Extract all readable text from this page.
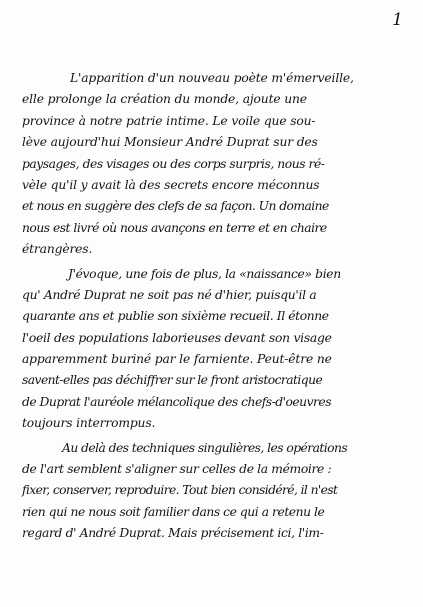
1
L'apparition d'un nouveau poète m'émerveille,
elle prolonge la création du monde, ajoute une
province à notre patrie intime. Le voile que sou-
lève aujourd'hui Monsieur André Duprat sur des
paysages, des visages ou des corps surpris, nous ré-
vèle qu'il y avait là des secrets encore méconnus
et nous en suggère des clefs de sa façon. Un domaine
nous est livré où nous avançons en terre et en chaire
étrangères.
J'évoque, une fois de plus, la «naissance» bien
qu' André Duprat ne soit pas né d'hier, puisqu'il a
quarante ans et publie son sixième recueil. Il étonne
l'oeil des populations laborieuses devant son visage
apparemment buriné par le farniente. Peut-être ne
savent-elles pas déchiffrer sur le front aristocratique
de Duprat l'auréole mélancolique des chefs-d'oeuvres
toujours interrompus.
Au delà des techniques singulières, les opérations
de l'art semblent s'aligner sur celles de la mémoire :
fixer, conserver, reproduire. Tout bien considéré, il n'est
rien qui ne nous soit familier dans ce qui a retenu le
regard d' André Duprat. Mais précisement ici, l'im-
